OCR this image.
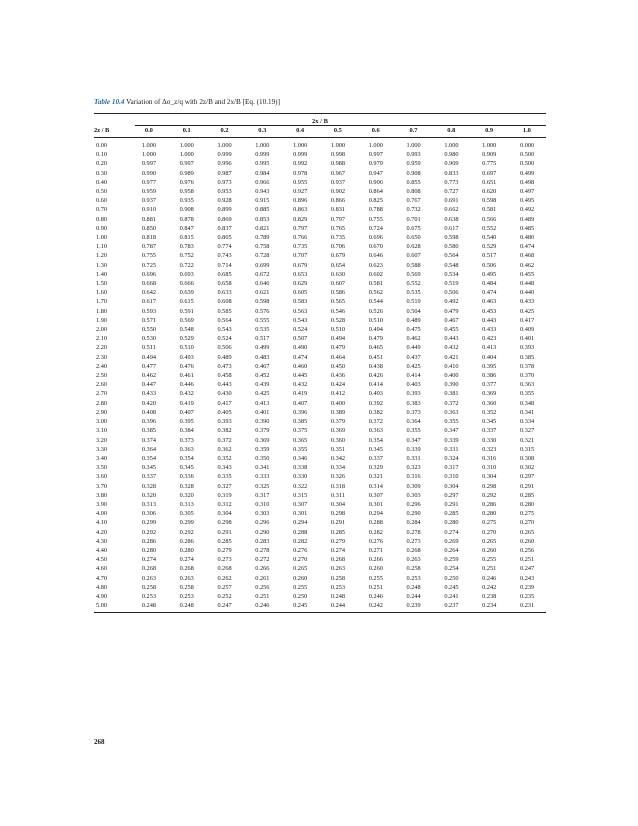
Table 10.4 Variation of Δσ_z/q with 2z/B and 2x/B [Eq. (10.19)]
2x / B
2z / B	0.0	0.1	0.2	0.3	0.4	0.5	0.6	0.7	0.8	0.9	1.0
0.00	1.000	1.000	1.000	1.000	1.000	1.000	1.000	1.000	1.000	1.000	0.000
0.10	1.000	1.000	0.999	0.999	0.999	0.998	0.997	0.993	0.980	0.909	0.500
0.20	0.997	0.997	0.996	0.995	0.992	0.988	0.979	0.959	0.909	0.775	0.500
0.30	0.990	0.989	0.987	0.984	0.978	0.967	0.947	0.908	0.833	0.697	0.499
0.40	0.977	0.976	0.973	0.966	0.955	0.937	0.906	0.855	0.773	0.651	0.498
0.50	0.959	0.958	0.953	0.943	0.927	0.902	0.864	0.808	0.727	0.620	0.497
0.60	0.937	0.935	0.928	0.915	0.896	0.866	0.825	0.767	0.691	0.598	0.495
0.70	0.910	0.908	0.899	0.885	0.863	0.831	0.788	0.732	0.662	0.581	0.492
0.80	0.881	0.878	0.869	0.853	0.829	0.797	0.755	0.701	0.638	0.566	0.489
0.90	0.850	0.847	0.837	0.821	0.797	0.765	0.724	0.675	0.617	0.552	0.485
1.00	0.818	0.815	0.805	0.789	0.766	0.735	0.696	0.650	0.598	0.540	0.480
1.10	0.787	0.783	0.774	0.758	0.735	0.706	0.670	0.628	0.580	0.529	0.474
1.20	0.755	0.752	0.743	0.728	0.707	0.679	0.646	0.607	0.564	0.517	0.468
1.30	0.725	0.722	0.714	0.699	0.679	0.654	0.623	0.588	0.548	0.506	0.462
1.40	0.696	0.693	0.685	0.672	0.653	0.630	0.602	0.569	0.534	0.495	0.455
1.50	0.668	0.666	0.658	0.646	0.629	0.607	0.581	0.552	0.519	0.484	0.448
1.60	0.642	0.639	0.633	0.621	0.605	0.586	0.562	0.535	0.506	0.474	0.440
1.70	0.617	0.615	0.608	0.598	0.583	0.565	0.544	0.519	0.492	0.463	0.433
1.80	0.593	0.591	0.585	0.576	0.563	0.546	0.526	0.504	0.479	0.453	0.425
1.90	0.571	0.569	0.564	0.555	0.543	0.528	0.510	0.489	0.467	0.443	0.417
2.00	0.550	0.548	0.543	0.535	0.524	0.510	0.494	0.475	0.455	0.433	0.409
2.10	0.530	0.529	0.524	0.517	0.507	0.494	0.479	0.462	0.443	0.423	0.401
2.20	0.511	0.510	0.506	0.499	0.490	0.479	0.465	0.449	0.432	0.413	0.393
2.30	0.494	0.493	0.489	0.483	0.474	0.464	0.451	0.437	0.421	0.404	0.385
2.40	0.477	0.476	0.473	0.467	0.460	0.450	0.438	0.425	0.410	0.395	0.378
2.50	0.462	0.461	0.458	0.452	0.445	0.436	0.426	0.414	0.400	0.386	0.370
2.60	0.447	0.446	0.443	0.439	0.432	0.424	0.414	0.403	0.390	0.377	0.363
2.70	0.433	0.432	0.430	0.425	0.419	0.412	0.403	0.393	0.381	0.369	0.355
2.80	0.420	0.419	0.417	0.413	0.407	0.400	0.392	0.383	0.372	0.360	0.348
2.90	0.408	0.407	0.405	0.401	0.396	0.389	0.382	0.373	0.363	0.352	0.341
3.00	0.396	0.395	0.393	0.390	0.385	0.379	0.372	0.364	0.355	0.345	0.334
3.10	0.385	0.384	0.382	0.379	0.375	0.369	0.363	0.355	0.347	0.337	0.327
3.20	0.374	0.373	0.372	0.369	0.365	0.360	0.354	0.347	0.339	0.330	0.321
3.30	0.364	0.363	0.362	0.359	0.355	0.351	0.345	0.339	0.331	0.323	0.315
3.40	0.354	0.354	0.352	0.350	0.346	0.342	0.337	0.331	0.324	0.316	0.308
3.50	0.345	0.345	0.343	0.341	0.338	0.334	0.329	0.323	0.317	0.310	0.302
3.60	0.337	0.336	0.335	0.333	0.330	0.326	0.321	0.316	0.310	0.304	0.297
3.70	0.328	0.328	0.327	0.325	0.322	0.318	0.314	0.309	0.304	0.298	0.291
3.80	0.320	0.320	0.319	0.317	0.315	0.311	0.307	0.303	0.297	0.292	0.285
3.90	0.313	0.313	0.312	0.310	0.307	0.304	0.301	0.296	0.291	0.286	0.280
4.00	0.306	0.305	0.304	0.303	0.301	0.298	0.294	0.290	0.285	0.280	0.275
4.10	0.299	0.299	0.298	0.296	0.294	0.291	0.288	0.284	0.280	0.275	0.270
4.20	0.292	0.292	0.291	0.290	0.288	0.285	0.282	0.278	0.274	0.270	0.265
4.30	0.286	0.286	0.285	0.283	0.282	0.279	0.276	0.273	0.269	0.265	0.260
4.40	0.280	0.280	0.279	0.278	0.276	0.274	0.271	0.268	0.264	0.260	0.256
4.50	0.274	0.274	0.273	0.272	0.270	0.268	0.266	0.263	0.259	0.255	0.251
4.60	0.268	0.268	0.268	0.266	0.265	0.263	0.260	0.258	0.254	0.251	0.247
4.70	0.263	0.263	0.262	0.261	0.260	0.258	0.255	0.253	0.250	0.246	0.243
4.80	0.258	0.258	0.257	0.256	0.255	0.253	0.251	0.248	0.245	0.242	0.239
4.90	0.253	0.253	0.252	0.251	0.250	0.248	0.246	0.244	0.241	0.238	0.235
5.00	0.248	0.248	0.247	0.246	0.245	0.244	0.242	0.239	0.237	0.234	0.231
268
